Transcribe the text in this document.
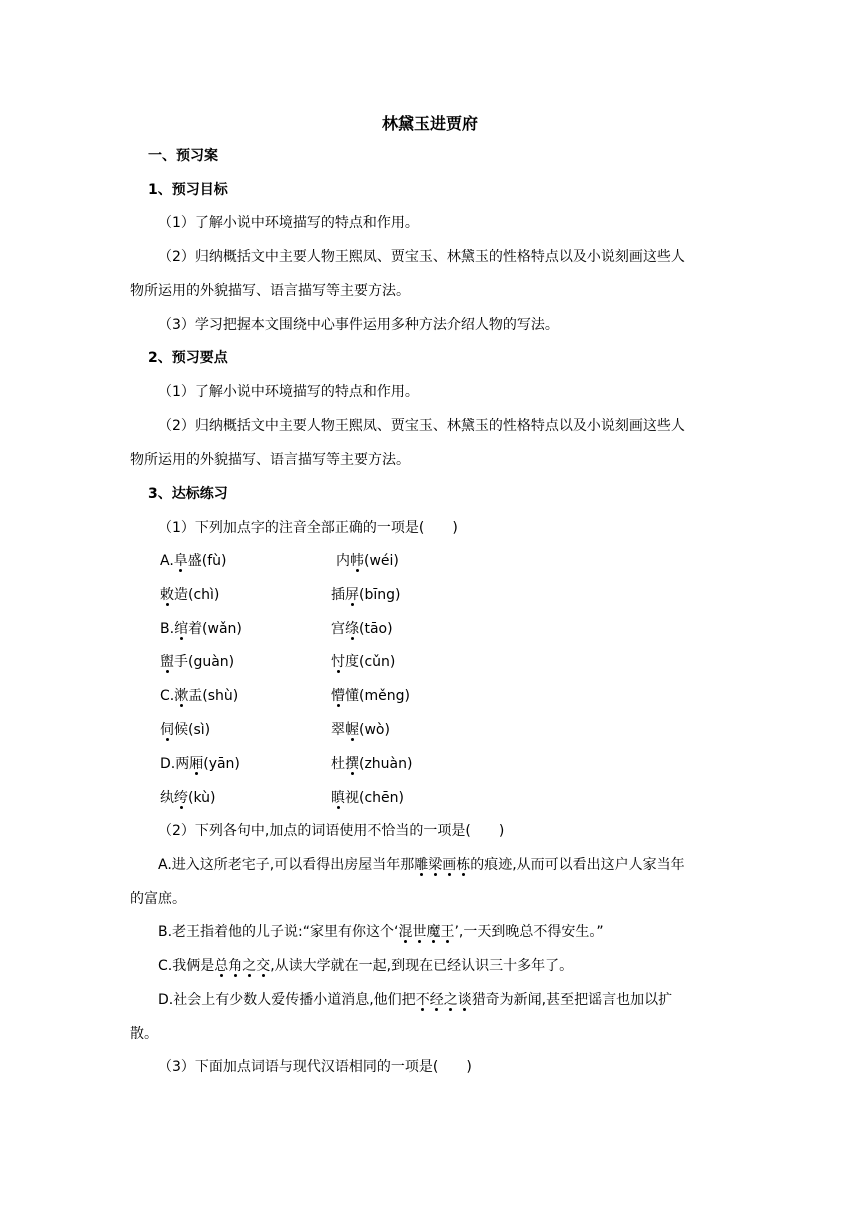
林黛玉进贾府

一、预习案

1、预习目标

（1）了解小说中环境描写的特点和作用。

（2）归纳概括文中主要人物王熙凤、贾宝玉、林黛玉的性格特点以及小说刻画这些人

物所运用的外貌描写、语言描写等主要方法。

（3）学习把握本文围绕中心事件运用多种方法介绍人物的写法。

2、预习要点

（1）了解小说中环境描写的特点和作用。

（2）归纳概括文中主要人物王熙凤、贾宝玉、林黛玉的性格特点以及小说刻画这些人

物所运用的外貌描写、语言描写等主要方法。

3、达标练习

（1）下列加点字的注音全部正确的一项是(　　)

A.阜盛(fù)	内帏(wéi)
敕造(chì)	插屏(bīng)
B.绾着(wǎn)	宫绦(tāo)
盥手(guàn)	忖度(cǔn)
C.漱盂(shù)	懵懂(měng)
伺候(sì)	翠幄(wò)
D.两厢(yān)	杜撰(zhuàn)
纨绔(kù)	瞋视(chēn)

（2）下列各句中,加点的词语使用不恰当的一项是(　　)

A.进入这所老宅子,可以看得出房屋当年那雕梁画栋的痕迹,从而可以看出这户人家当年

的富庶。

B.老王指着他的儿子说:“家里有你这个‘混世魔王’,一天到晚总不得安生。”

C.我俩是总角之交,从读大学就在一起,到现在已经认识三十多年了。

D.社会上有少数人爱传播小道消息,他们把不经之谈猎奇为新闻,甚至把谣言也加以扩

散。

（3）下面加点词语与现代汉语相同的一项是(　　)
